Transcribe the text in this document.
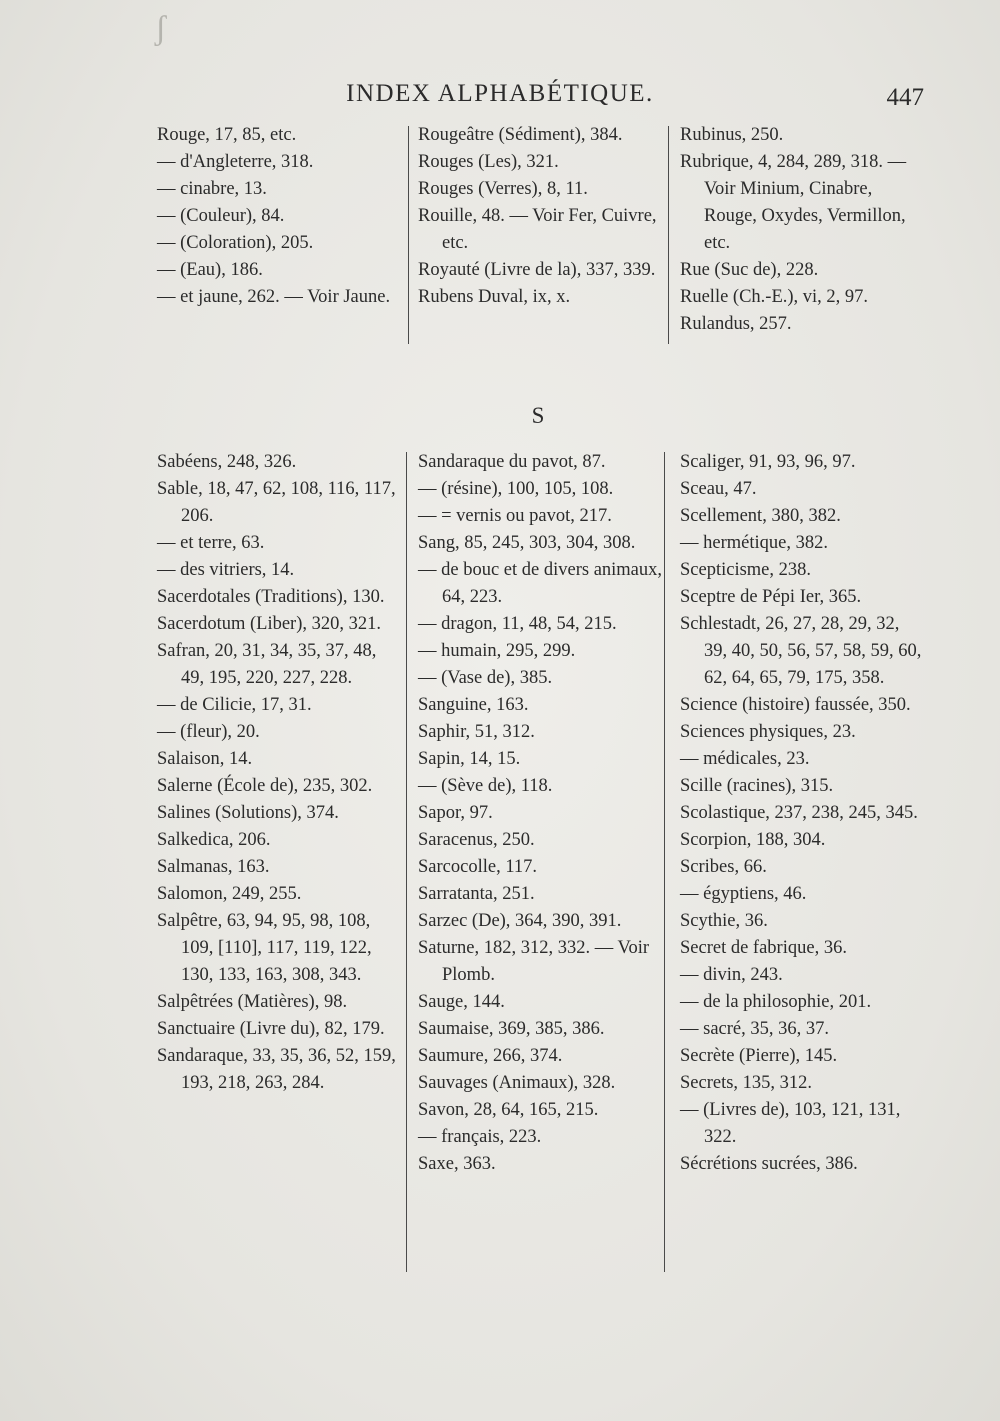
ʃ
INDEX ALPHABÉTIQUE.	447

Rouge, 17, 85, etc.

— d'Angleterre, 318.

— cinabre, 13.

— (Couleur), 84.

— (Coloration), 205.

— (Eau), 186.

— et jaune, 262. — Voir Jaune.

Rougeâtre (Sédiment), 384.

Rouges (Les), 321.

Rouges (Verres), 8, 11.

Rouille, 48. — Voir Fer, Cuivre, etc.

Royauté (Livre de la), 337, 339.

Rubens Duval, ix, x.

Rubinus, 250.

Rubrique, 4, 284, 289, 318. — Voir Minium, Cinabre, Rouge, Oxydes, Vermillon, etc.

Rue (Suc de), 228.

Ruelle (Ch.-E.), vi, 2, 97.

Rulandus, 257.

S

Sabéens, 248, 326.

Sable, 18, 47, 62, 108, 116, 117, 206.

— et terre, 63.

— des vitriers, 14.

Sacerdotales (Traditions), 130.

Sacerdotum (Liber), 320, 321.

Safran, 20, 31, 34, 35, 37, 48, 49, 195, 220, 227, 228.

— de Cilicie, 17, 31.

— (fleur), 20.

Salaison, 14.

Salerne (École de), 235, 302.

Salines (Solutions), 374.

Salkedica, 206.

Salmanas, 163.

Salomon, 249, 255.

Salpêtre, 63, 94, 95, 98, 108, 109, [110], 117, 119, 122, 130, 133, 163, 308, 343.

Salpêtrées (Matières), 98.

Sanctuaire (Livre du), 82, 179.

Sandaraque, 33, 35, 36, 52, 159, 193, 218, 263, 284.

Sandaraque du pavot, 87.

— (résine), 100, 105, 108.

— = vernis ou pavot, 217.

Sang, 85, 245, 303, 304, 308.

— de bouc et de divers animaux, 64, 223.

— dragon, 11, 48, 54, 215.

— humain, 295, 299.

— (Vase de), 385.

Sanguine, 163.

Saphir, 51, 312.

Sapin, 14, 15.

— (Sève de), 118.

Sapor, 97.

Saracenus, 250.

Sarcocolle, 117.

Sarratanta, 251.

Sarzec (De), 364, 390, 391.

Saturne, 182, 312, 332. — Voir Plomb.

Sauge, 144.

Saumaise, 369, 385, 386.

Saumure, 266, 374.

Sauvages (Animaux), 328.

Savon, 28, 64, 165, 215.

— français, 223.

Saxe, 363.

Scaliger, 91, 93, 96, 97.

Sceau, 47.

Scellement, 380, 382.

— hermétique, 382.

Scepticisme, 238.

Sceptre de Pépi Ier, 365.

Schlestadt, 26, 27, 28, 29, 32, 39, 40, 50, 56, 57, 58, 59, 60, 62, 64, 65, 79, 175, 358.

Science (histoire) faussée, 350.

Sciences physiques, 23.

— médicales, 23.

Scille (racines), 315.

Scolastique, 237, 238, 245, 345.

Scorpion, 188, 304.

Scribes, 66.

— égyptiens, 46.

Scythie, 36.

Secret de fabrique, 36.

— divin, 243.

— de la philosophie, 201.

— sacré, 35, 36, 37.

Secrète (Pierre), 145.

Secrets, 135, 312.

— (Livres de), 103, 121, 131, 322.

Sécrétions sucrées, 386.
